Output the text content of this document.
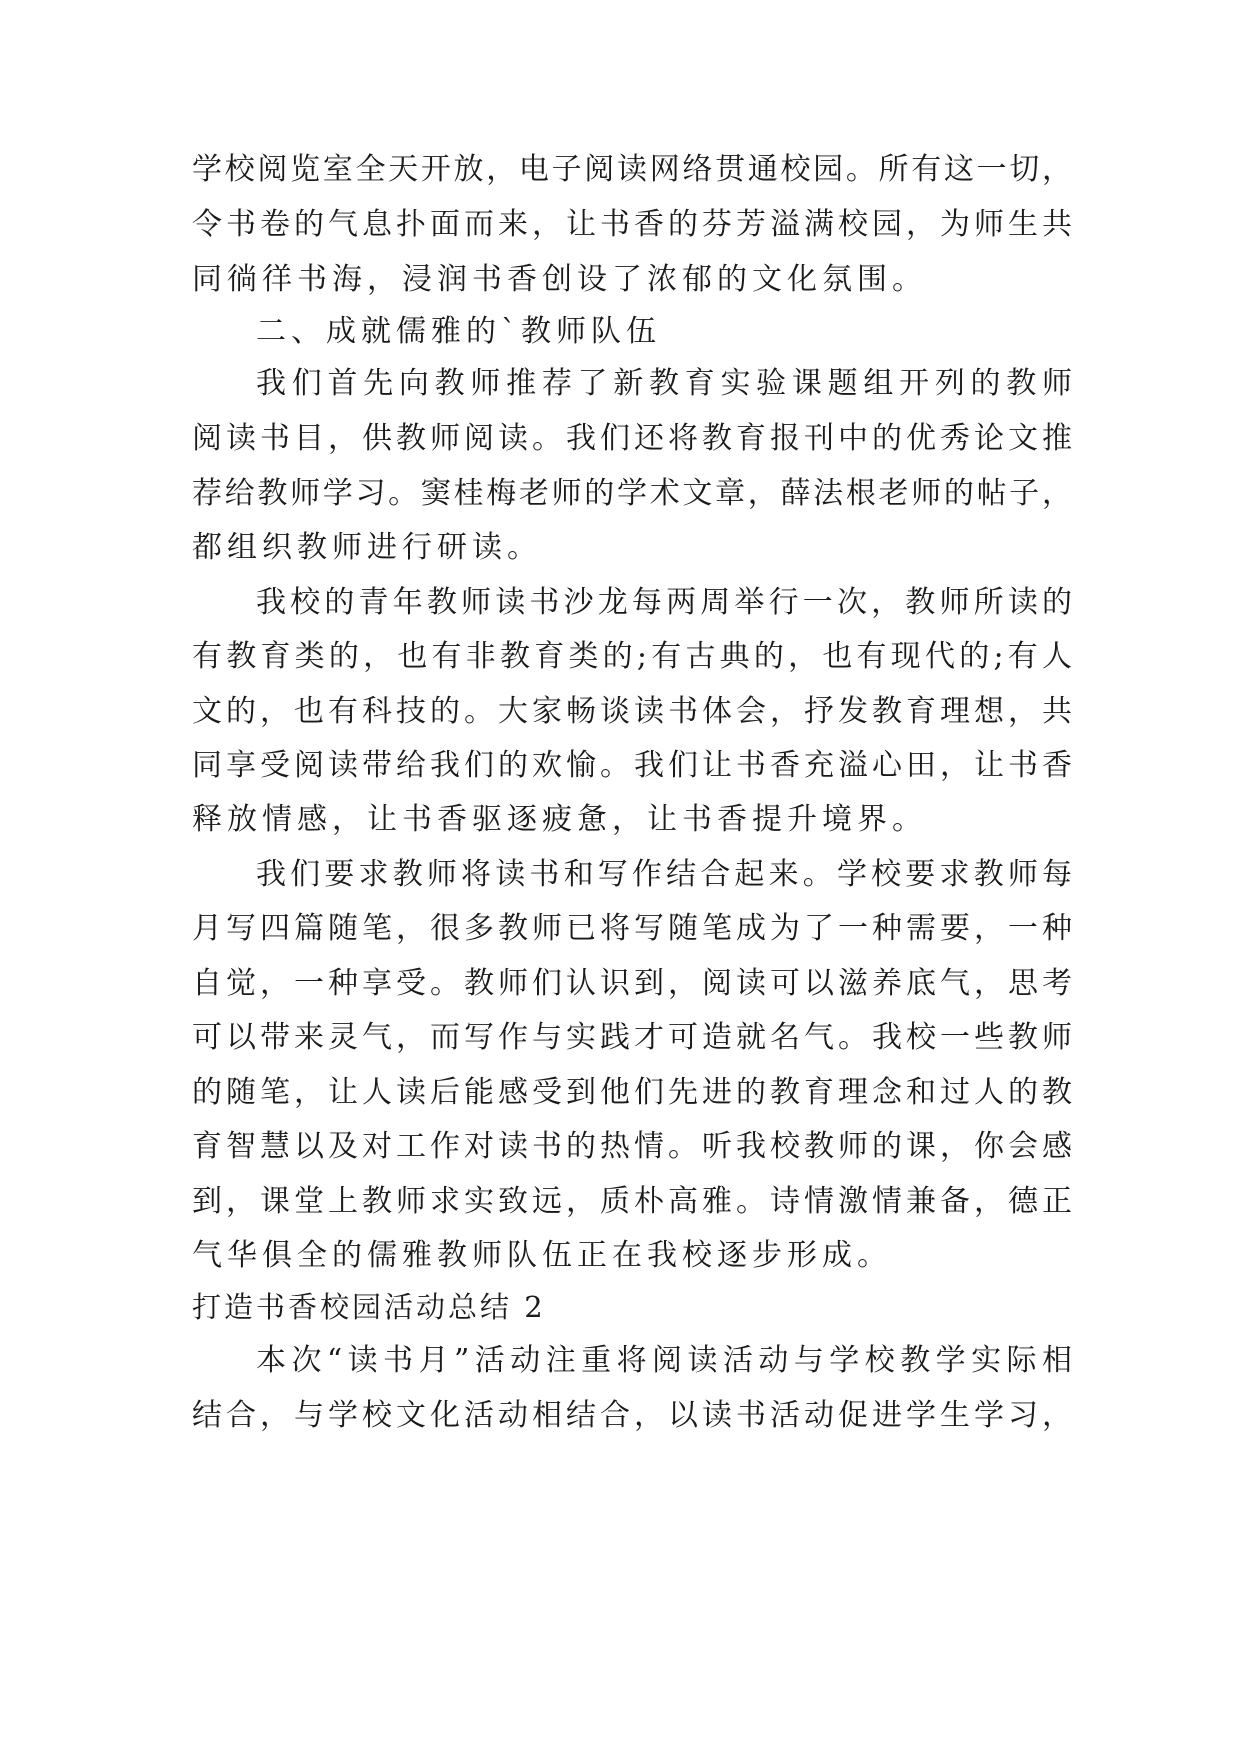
学校阅览室全天开放，电子阅读网络贯通校园。所有这一切，
令书卷的气息扑面而来，让书香的芬芳溢满校园，为师生共
同徜徉书海，浸润书香创设了浓郁的文化氛围。
二、成就儒雅的`教师队伍
我们首先向教师推荐了新教育实验课题组开列的教师
阅读书目，供教师阅读。我们还将教育报刊中的优秀论文推
荐给教师学习。窦桂梅老师的学术文章，薛法根老师的帖子，
都组织教师进行研读。
我校的青年教师读书沙龙每两周举行一次，教师所读的
有教育类的，也有非教育类的;有古典的，也有现代的;有人
文的，也有科技的。大家畅谈读书体会，抒发教育理想，共
同享受阅读带给我们的欢愉。我们让书香充溢心田，让书香
释放情感，让书香驱逐疲惫，让书香提升境界。
我们要求教师将读书和写作结合起来。学校要求教师每
月写四篇随笔，很多教师已将写随笔成为了一种需要，一种
自觉，一种享受。教师们认识到，阅读可以滋养底气，思考
可以带来灵气，而写作与实践才可造就名气。我校一些教师
的随笔，让人读后能感受到他们先进的教育理念和过人的教
育智慧以及对工作对读书的热情。听我校教师的课，你会感
到，课堂上教师求实致远，质朴高雅。诗情激情兼备，德正
气华俱全的儒雅教师队伍正在我校逐步形成。
打造书香校园活动总结 2
本次“读书月”活动注重将阅读活动与学校教学实际相
结合，与学校文化活动相结合，以读书活动促进学生学习，
